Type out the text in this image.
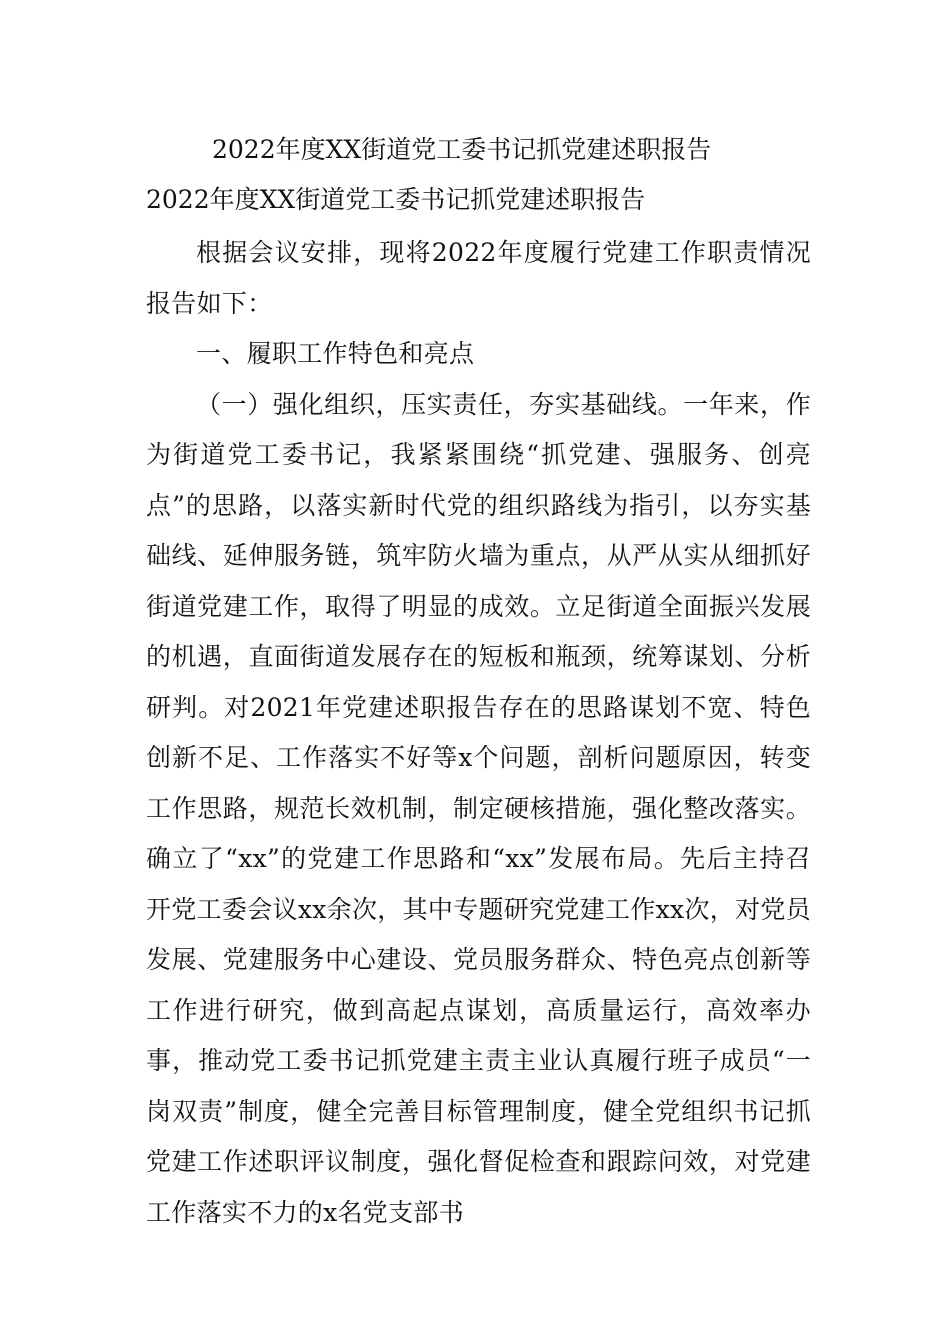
2022年度XX街道党工委书记抓党建述职报告
2022年度XX街道党工委书记抓党建述职报告

根据会议安排，现将2022年度履行党建工作职责情况报告如下：

一、履职工作特色和亮点

（一）强化组织，压实责任，夯实基础线。一年来，作为街道党工委书记，我紧紧围绕“抓党建、强服务、创亮点”的思路，以落实新时代党的组织路线为指引，以夯实基础线、延伸服务链，筑牢防火墙为重点，从严从实从细抓好街道党建工作，取得了明显的成效。立足街道全面振兴发展的机遇，直面街道发展存在的短板和瓶颈，统筹谋划、分析研判。对2021年党建述职报告存在的思路谋划不宽、特色创新不足、工作落实不好等x个问题，剖析问题原因，转变工作思路，规范长效机制，制定硬核措施，强化整改落实。确立了“xx”的党建工作思路和“xx”发展布局。先后主持召开党工委会议xx余次，其中专题研究党建工作xx次，对党员发展、党建服务中心建设、党员服务群众、特色亮点创新等工作进行研究，做到高起点谋划，高质量运行，高效率办事，推动党工委书记抓党建主责主业认真履行班子成员“一岗双责”制度，健全完善目标管理制度，健全党组织书记抓党建工作述职评议制度，强化督促检查和跟踪问效，对党建工作落实不力的x名党支部书
